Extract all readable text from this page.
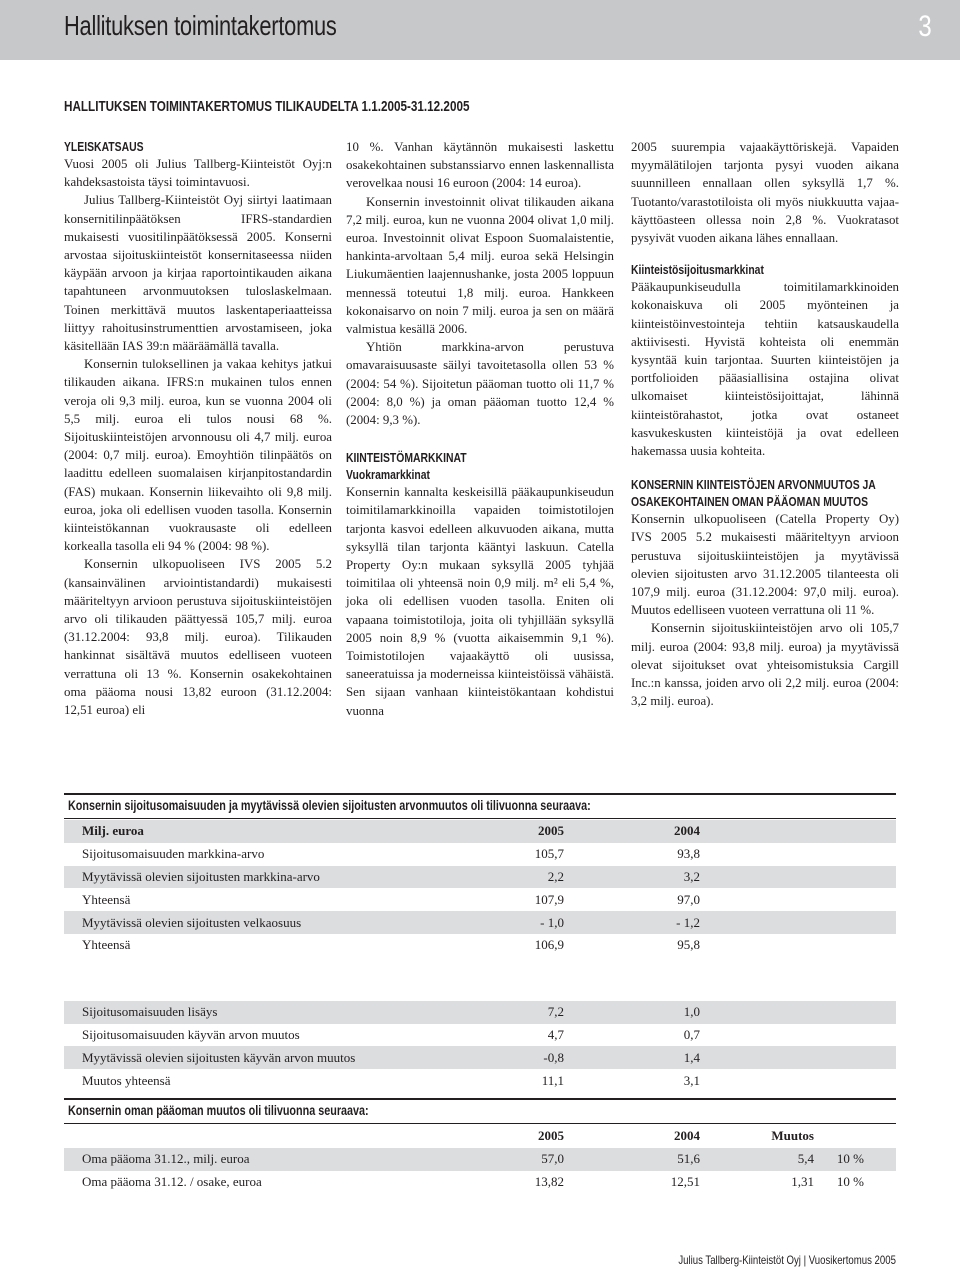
Hallituksen toimintakertomus	3
HALLITUKSEN TOIMINTAKERTOMUS TILIKAUDELTA 1.1.2005-31.12.2005
YLEISKATSAUS

Vuosi 2005 oli Julius Tallberg-Kiinteistöt Oyj:n kahdeksastoista täysi toimintavuosi.

Julius Tallberg-Kiinteistöt Oyj siirtyi laatimaan konsernitilinpäätöksen IFRS-standardien mukaisesti vuositilinpäätöksessä 2005. Konserni arvostaa sijoituskiinteistöt konsernitaseessa niiden käypään arvoon ja kirjaa raportointikauden aikana tapahtuneen arvonmuutoksen tuloslaskelmaan. Toinen merkittävä muutos laskentaperiaatteissa liittyy rahoitusinstrumenttien arvostamiseen, joka käsitellään IAS 39:n määräämällä tavalla.

Konsernin tuloksellinen ja vakaa kehitys jatkui tilikauden aikana. IFRS:n mukainen tulos ennen veroja oli 9,3 milj. euroa, kun se vuonna 2004 oli 5,5 milj. euroa eli tulos nousi 68 %. Sijoituskiinteistöjen arvonnousu oli 4,7 milj. euroa (2004: 0,7 milj. euroa). Emoyhtiön tilinpäätös on laadittu edelleen suomalaisen kirjanpitostandardin (FAS) mukaan. Konsernin liikevaihto oli 9,8 milj. euroa, joka oli edellisen vuoden tasolla. Konsernin kiinteistökannan vuokrausaste oli edelleen korkealla tasolla eli 94 % (2004: 98 %).

Konsernin ulkopuoliseen IVS 2005 5.2 (kansainvälinen arviointistandardi) mukaisesti määriteltyyn arvioon perustuva sijoituskiinteistöjen arvo oli tilikauden päättyessä 105,7 milj. euroa (31.12.2004: 93,8 milj. euroa). Tilikauden hankinnat sisältävä muutos edelliseen vuoteen verrattuna oli 13 %. Konsernin osakekohtainen oma pääoma nousi 13,82 euroon (31.12.2004: 12,51 euroa) eli

10 %. Vanhan käytännön mukaisesti laskettu osakekohtainen substanssiarvo ennen laskennallista verovelkaa nousi 16 euroon (2004: 14 euroa).

Konsernin investoinnit olivat tilikauden aikana 7,2 milj. euroa, kun ne vuonna 2004 olivat 1,0 milj. euroa. Investoinnit olivat Espoon Suomalaistentie, hankinta-arvoltaan 5,4 milj. euroa sekä Helsingin Liukumäentien laajennushanke, josta 2005 loppuun mennessä toteutui 1,8 milj. euroa. Hankkeen kokonaisarvo on noin 7 milj. euroa ja sen on määrä valmistua kesällä 2006.

Yhtiön markkina-arvon perustuva omavaraisuusaste säilyi tavoitetasolla ollen 53 % (2004: 54 %). Sijoitetun pääoman tuotto oli 11,7 % (2004: 8,0 %) ja oman pääoman tuotto 12,4 % (2004: 9,3 %).

KIINTEISTÖMARKKINAT
Vuokramarkkinat

Konsernin kannalta keskeisillä pääkaupunkiseudun toimitilamarkkinoilla vapaiden toimistotilojen tarjonta kasvoi edelleen alkuvuoden aikana, mutta syksyllä tilan tarjonta kääntyi laskuun. Catella Property Oy:n mukaan syksyllä 2005 tyhjää toimitilaa oli yhteensä noin 0,9 milj. m² eli 5,4 %, joka oli edellisen vuoden tasolla. Eniten oli vapaana toimistotiloja, joita oli tyhjillään syksyllä 2005 noin 8,9 % (vuotta aikaisemmin 9,1 %). Toimistotilojen vajaakäyttö oli uusissa, saneeratuissa ja moderneissa kiinteistöissä vähäistä. Sen sijaan vanhaan kiinteistökantaan kohdistui vuonna

2005 suurempia vajaakäyttöriskejä. Vapaiden myymälätilojen tarjonta pysyi vuoden aikana suunnilleen ennallaan ollen syksyllä 1,7 %. Tuotanto/varastotiloista oli myös niukkuutta vajaa-käyttöasteen ollessa noin 2,8 %. Vuokratasot pysyivät vuoden aikana lähes ennallaan.

Kiinteistösijoitusmarkkinat

Pääkaupunkiseudulla toimitilamarkkinoiden kokonaiskuva oli 2005 myönteinen ja kiinteistöinvestointeja tehtiin katsauskaudella aktiivisesti. Hyvistä kohteista oli enemmän kysyntää kuin tarjontaa. Suurten kiinteistöjen ja portfolioiden pääasiallisina ostajina olivat ulkomaiset kiinteistösijoittajat, lähinnä kiinteistörahastot, jotka ovat ostaneet kasvukeskusten kiinteistöjä ja ovat edelleen hakemassa uusia kohteita.

KONSERNIN KIINTEISTÖJEN ARVONMUUTOS JA
OSAKEKOHTAINEN OMAN PÄÄOMAN MUUTOS

Konsernin ulkopuoliseen (Catella Property Oy) IVS 2005 5.2 mukaisesti määriteltyyn arvioon perustuva sijoituskiinteistöjen ja myytävissä olevien sijoitusten arvo 31.12.2005 tilanteesta oli 107,9 milj. euroa (31.12.2004: 97,0 milj. euroa). Muutos edelliseen vuoteen verrattuna oli 11 %.

Konsernin sijoituskiinteistöjen arvo oli 105,7 milj. euroa (2004: 93,8 milj. euroa) ja myytävissä olevat sijoitukset ovat yhteisomistuksia Cargill Inc.:n kanssa, joiden arvo oli 2,2 milj. euroa (2004: 3,2 milj. euroa).

Konsernin sijoitusomaisuuden ja myytävissä olevien sijoitusten arvonmuutos oli tilivuonna seuraava:
Milj. euroa	2005	2004	
Sijoitusomaisuuden markkina-arvo	105,7	93,8	
Myytävissä olevien sijoitusten markkina-arvo	2,2	3,2	
Yhteensä	107,9	97,0	
Myytävissä olevien sijoitusten velkaosuus	- 1,0	- 1,2	
Yhteensä	106,9	95,8	

Sijoitusomaisuuden lisäys	7,2	1,0	
Sijoitusomaisuuden käyvän arvon muutos	4,7	0,7	
Myytävissä olevien sijoitusten käyvän arvon muutos	-0,8	1,4	
Muutos yhteensä	11,1	3,1	
Konsernin oman pääoman muutos oli tilivuonna seuraava:
	2005	2004	Muutos	
Oma pääoma 31.12., milj. euroa	57,0	51,6	5,4	10 %
Oma pääoma 31.12. / osake, euroa	13,82	12,51	1,31	10 %
Julius Tallberg-Kiinteistöt Oyj | Vuosikertomus 2005
